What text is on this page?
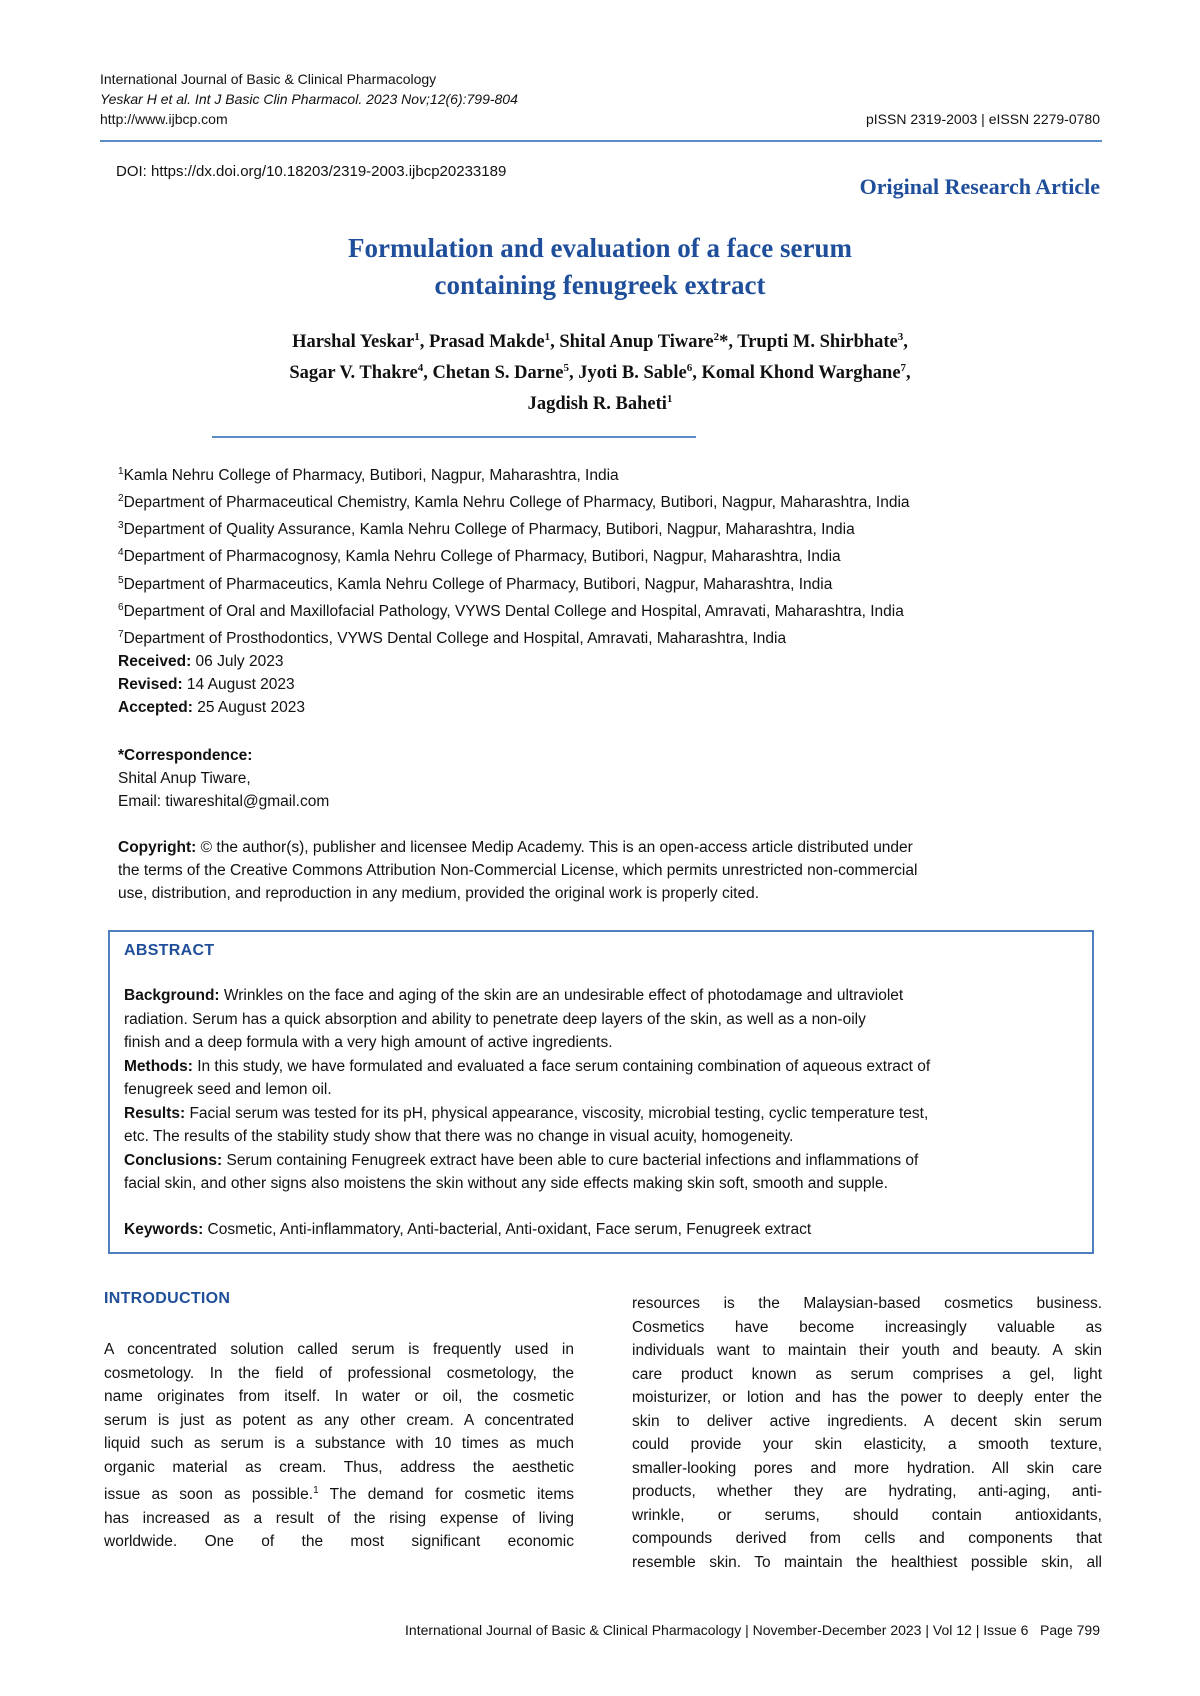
International Journal of Basic & Clinical Pharmacology
Yeskar H et al. Int J Basic Clin Pharmacol. 2023 Nov;12(6):799-804
http://www.ijbcp.com	pISSN 2319-2003 | eISSN 2279-0780
DOI: https://dx.doi.org/10.18203/2319-2003.ijbcp20233189
Original Research Article
Formulation and evaluation of a face serum
containing fenugreek extract
Harshal Yeskar$^1$, Prasad Makde$^1$, Shital Anup Tiware$^2$*, Trupti M. Shirbhate$^3$,
Sagar V. Thakre$^4$, Chetan S. Darne$^5$, Jyoti B. Sable$^6$, Komal Khond Warghane$^7$,
Jagdish R. Baheti$^1$
$^1$Kamla Nehru College of Pharmacy, Butibori, Nagpur, Maharashtra, India
$^2$Department of Pharmaceutical Chemistry, Kamla Nehru College of Pharmacy, Butibori, Nagpur, Maharashtra, India
$^3$Department of Quality Assurance, Kamla Nehru College of Pharmacy, Butibori, Nagpur, Maharashtra, India
$^4$Department of Pharmacognosy, Kamla Nehru College of Pharmacy, Butibori, Nagpur, Maharashtra, India
$^5$Department of Pharmaceutics, Kamla Nehru College of Pharmacy, Butibori, Nagpur, Maharashtra, India
$^6$Department of Oral and Maxillofacial Pathology, VYWS Dental College and Hospital, Amravati, Maharashtra, India
$^7$Department of Prosthodontics, VYWS Dental College and Hospital, Amravati, Maharashtra, India
Received: 06 July 2023
Revised: 14 August 2023
Accepted: 25 August 2023
*Correspondence:
Shital Anup Tiware,
Email: tiwareshital@gmail.com
Copyright: © the author(s), publisher and licensee Medip Academy. This is an open-access article distributed under
the terms of the Creative Commons Attribution Non-Commercial License, which permits unrestricted non-commercial
use, distribution, and reproduction in any medium, provided the original work is properly cited.
ABSTRACT
Background: Wrinkles on the face and aging of the skin are an undesirable effect of photodamage and ultraviolet
radiation. Serum has a quick absorption and ability to penetrate deep layers of the skin, as well as a non-oily
finish and a deep formula with a very high amount of active ingredients.
Methods: In this study, we have formulated and evaluated a face serum containing combination of aqueous extract of
fenugreek seed and lemon oil.
Results: Facial serum was tested for its pH, physical appearance, viscosity, microbial testing, cyclic temperature test,
etc. The results of the stability study show that there was no change in visual acuity, homogeneity.
Conclusions: Serum containing Fenugreek extract have been able to cure bacterial infections and inflammations of
facial skin, and other signs also moistens the skin without any side effects making skin soft, smooth and supple.
Keywords: Cosmetic, Anti-inflammatory, Anti-bacterial, Anti-oxidant, Face serum, Fenugreek extract
INTRODUCTION
A concentrated solution called serum is frequently used in
cosmetology. In the field of professional cosmetology, the
name originates from itself. In water or oil, the cosmetic
serum is just as potent as any other cream. A concentrated
liquid such as serum is a substance with 10 times as much
organic material as cream. Thus, address the aesthetic
issue as soon as possible.$^1$ The demand for cosmetic items
has increased as a result of the rising expense of living
worldwide. One of the most significant economic
resources is the Malaysian-based cosmetics business.
Cosmetics have become increasingly valuable as
individuals want to maintain their youth and beauty. A skin
care product known as serum comprises a gel, light
moisturizer, or lotion and has the power to deeply enter the
skin to deliver active ingredients. A decent skin serum
could provide your skin elasticity, a smooth texture,
smaller-looking pores and more hydration. All skin care
products, whether they are hydrating, anti-aging, anti-
wrinkle, or serums, should contain antioxidants,
compounds derived from cells and components that
resemble skin. To maintain the healthiest possible skin, all
International Journal of Basic & Clinical Pharmacology | November-December 2023 | Vol 12 | Issue 6 Page 799
